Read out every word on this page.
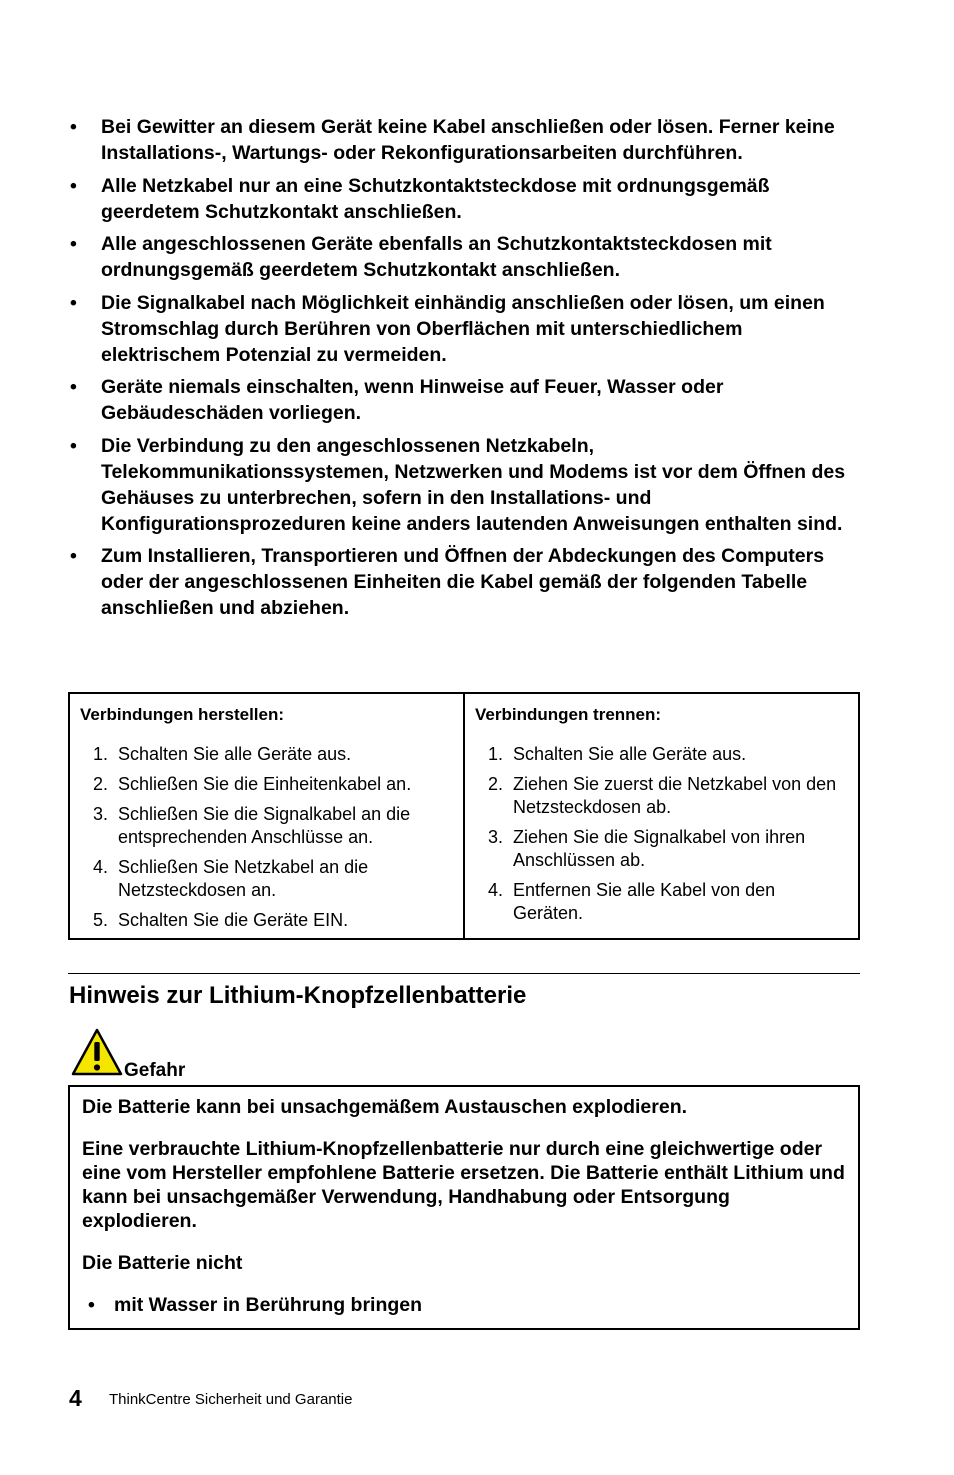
• Bei Gewitter an diesem Gerät keine Kabel anschließen oder lösen. Ferner keine Installations-, Wartungs- oder Rekonfigurationsarbeiten durchführen.
• Alle Netzkabel nur an eine Schutzkontaktsteckdose mit ordnungsgemäß geerdetem Schutzkontakt anschließen.
• Alle angeschlossenen Geräte ebenfalls an Schutzkontaktsteckdosen mit ordnungsgemäß geerdetem Schutzkontakt anschließen.
• Die Signalkabel nach Möglichkeit einhändig anschließen oder lösen, um einen Stromschlag durch Berühren von Oberflächen mit unterschiedlichem elektrischem Potenzial zu vermeiden.
• Geräte niemals einschalten, wenn Hinweise auf Feuer, Wasser oder Gebäudeschäden vorliegen.
• Die Verbindung zu den angeschlossenen Netzkabeln, Telekommunikationssystemen, Netzwerken und Modems ist vor dem Öffnen des Gehäuses zu unterbrechen, sofern in den Installations- und Konfigurationsprozeduren keine anders lautenden Anweisungen enthalten sind.
• Zum Installieren, Transportieren und Öffnen der Abdeckungen des Computers oder der angeschlossenen Einheiten die Kabel gemäß der folgenden Tabelle anschließen und abziehen.
Verbindungen herstellen:
1. Schalten Sie alle Geräte aus.
2. Schließen Sie die Einheitenkabel an.
3. Schließen Sie die Signalkabel an die entsprechenden Anschlüsse an.
4. Schließen Sie Netzkabel an die Netzsteckdosen an.
5. Schalten Sie die Geräte EIN.
Verbindungen trennen:
1. Schalten Sie alle Geräte aus.
2. Ziehen Sie zuerst die Netzkabel von den Netzsteckdosen ab.
3. Ziehen Sie die Signalkabel von ihren Anschlüssen ab.
4. Entfernen Sie alle Kabel von den Geräten.
Hinweis zur Lithium-Knopfzellenbatterie
Gefahr

Die Batterie kann bei unsachgemäßem Austauschen explodieren.

Eine verbrauchte Lithium-Knopfzellenbatterie nur durch eine gleichwertige oder eine vom Hersteller empfohlene Batterie ersetzen. Die Batterie enthält Lithium und kann bei unsachgemäßer Verwendung, Handhabung oder Entsorgung explodieren.

Die Batterie nicht

• mit Wasser in Berührung bringen
4 ThinkCentre Sicherheit und Garantie
